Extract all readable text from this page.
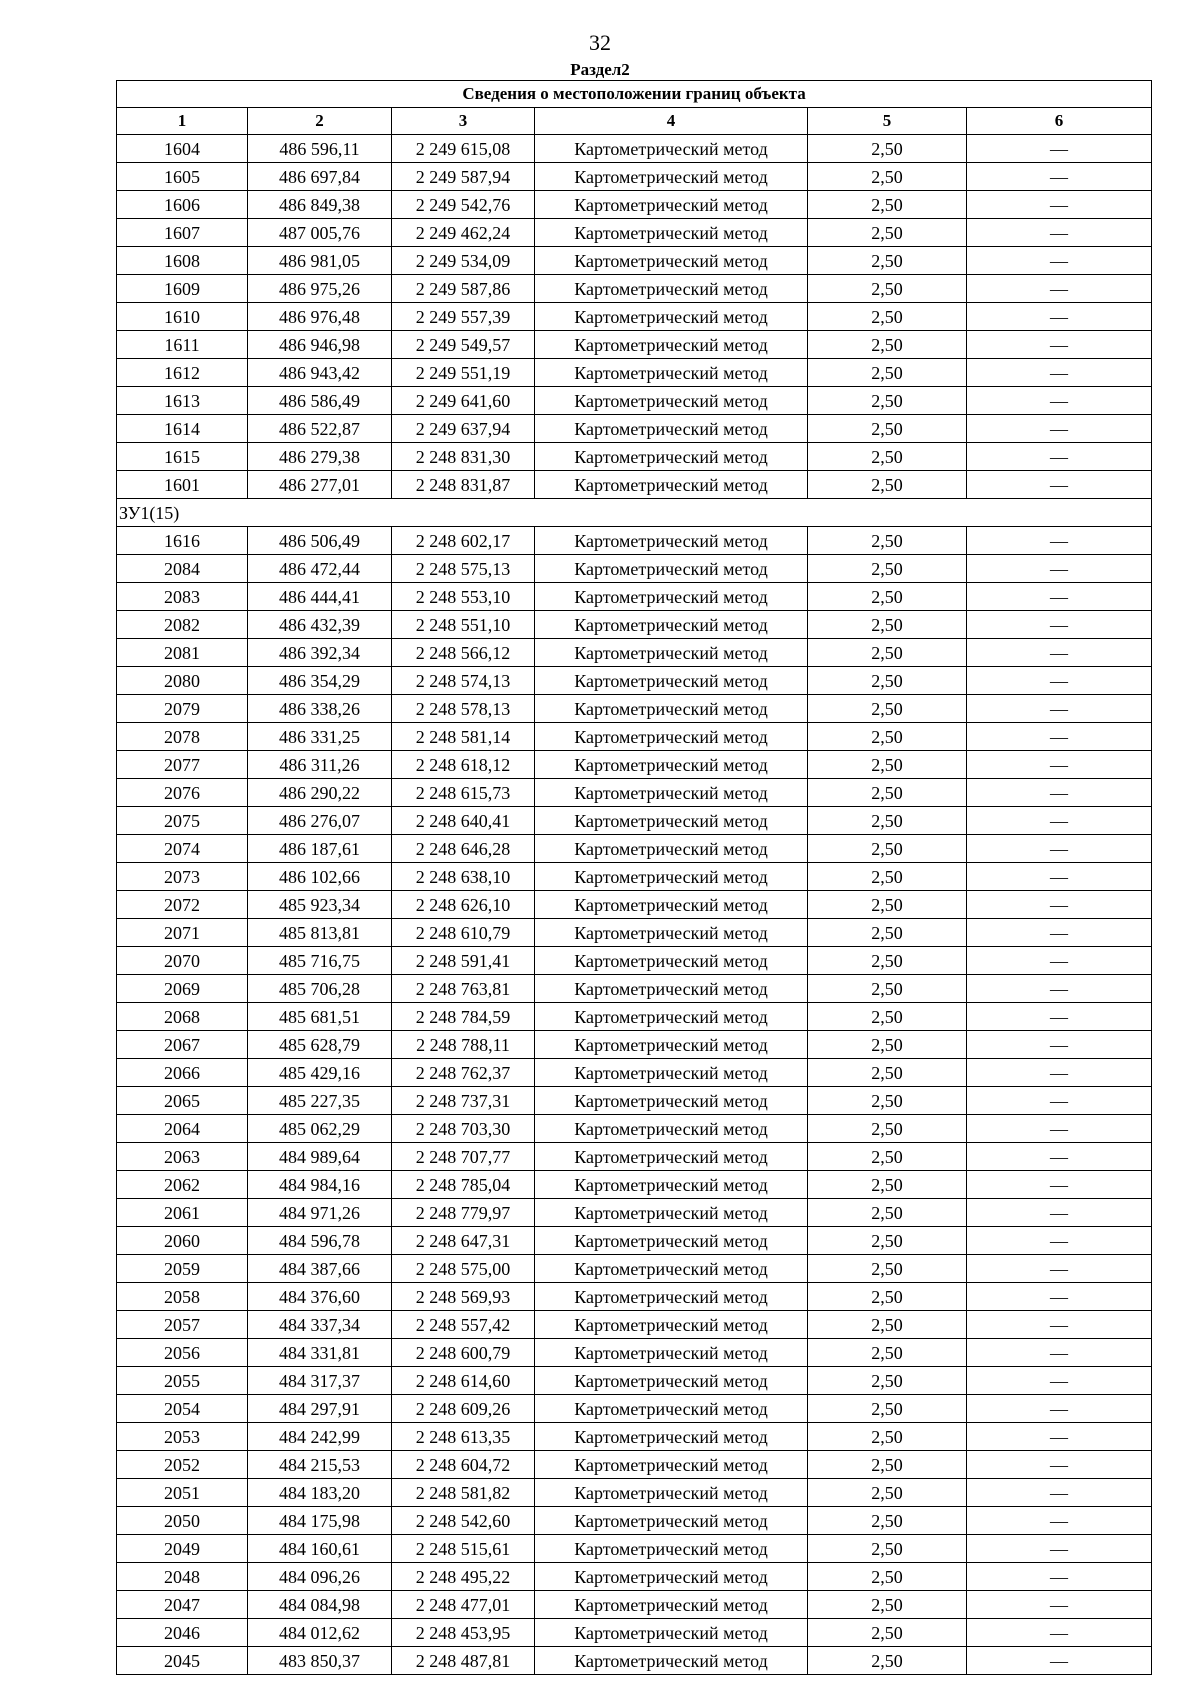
32
Раздел2
Сведения о местоположении границ объекта					
1	2	3	4	5	6
1604	486 596,11	2 249 615,08	Картометрический метод	2,50	—
1605	486 697,84	2 249 587,94	Картометрический метод	2,50	—
1606	486 849,38	2 249 542,76	Картометрический метод	2,50	—
1607	487 005,76	2 249 462,24	Картометрический метод	2,50	—
1608	486 981,05	2 249 534,09	Картометрический метод	2,50	—
1609	486 975,26	2 249 587,86	Картометрический метод	2,50	—
1610	486 976,48	2 249 557,39	Картометрический метод	2,50	—
1611	486 946,98	2 249 549,57	Картометрический метод	2,50	—
1612	486 943,42	2 249 551,19	Картометрический метод	2,50	—
1613	486 586,49	2 249 641,60	Картометрический метод	2,50	—
1614	486 522,87	2 249 637,94	Картометрический метод	2,50	—
1615	486 279,38	2 248 831,30	Картометрический метод	2,50	—
1601	486 277,01	2 248 831,87	Картометрический метод	2,50	—
ЗУ1(15)					
1616	486 506,49	2 248 602,17	Картометрический метод	2,50	—
2084	486 472,44	2 248 575,13	Картометрический метод	2,50	—
2083	486 444,41	2 248 553,10	Картометрический метод	2,50	—
2082	486 432,39	2 248 551,10	Картометрический метод	2,50	—
2081	486 392,34	2 248 566,12	Картометрический метод	2,50	—
2080	486 354,29	2 248 574,13	Картометрический метод	2,50	—
2079	486 338,26	2 248 578,13	Картометрический метод	2,50	—
2078	486 331,25	2 248 581,14	Картометрический метод	2,50	—
2077	486 311,26	2 248 618,12	Картометрический метод	2,50	—
2076	486 290,22	2 248 615,73	Картометрический метод	2,50	—
2075	486 276,07	2 248 640,41	Картометрический метод	2,50	—
2074	486 187,61	2 248 646,28	Картометрический метод	2,50	—
2073	486 102,66	2 248 638,10	Картометрический метод	2,50	—
2072	485 923,34	2 248 626,10	Картометрический метод	2,50	—
2071	485 813,81	2 248 610,79	Картометрический метод	2,50	—
2070	485 716,75	2 248 591,41	Картометрический метод	2,50	—
2069	485 706,28	2 248 763,81	Картометрический метод	2,50	—
2068	485 681,51	2 248 784,59	Картометрический метод	2,50	—
2067	485 628,79	2 248 788,11	Картометрический метод	2,50	—
2066	485 429,16	2 248 762,37	Картометрический метод	2,50	—
2065	485 227,35	2 248 737,31	Картометрический метод	2,50	—
2064	485 062,29	2 248 703,30	Картометрический метод	2,50	—
2063	484 989,64	2 248 707,77	Картометрический метод	2,50	—
2062	484 984,16	2 248 785,04	Картометрический метод	2,50	—
2061	484 971,26	2 248 779,97	Картометрический метод	2,50	—
2060	484 596,78	2 248 647,31	Картометрический метод	2,50	—
2059	484 387,66	2 248 575,00	Картометрический метод	2,50	—
2058	484 376,60	2 248 569,93	Картометрический метод	2,50	—
2057	484 337,34	2 248 557,42	Картометрический метод	2,50	—
2056	484 331,81	2 248 600,79	Картометрический метод	2,50	—
2055	484 317,37	2 248 614,60	Картометрический метод	2,50	—
2054	484 297,91	2 248 609,26	Картометрический метод	2,50	—
2053	484 242,99	2 248 613,35	Картометрический метод	2,50	—
2052	484 215,53	2 248 604,72	Картометрический метод	2,50	—
2051	484 183,20	2 248 581,82	Картометрический метод	2,50	—
2050	484 175,98	2 248 542,60	Картометрический метод	2,50	—
2049	484 160,61	2 248 515,61	Картометрический метод	2,50	—
2048	484 096,26	2 248 495,22	Картометрический метод	2,50	—
2047	484 084,98	2 248 477,01	Картометрический метод	2,50	—
2046	484 012,62	2 248 453,95	Картометрический метод	2,50	—
2045	483 850,37	2 248 487,81	Картометрический метод	2,50	—
